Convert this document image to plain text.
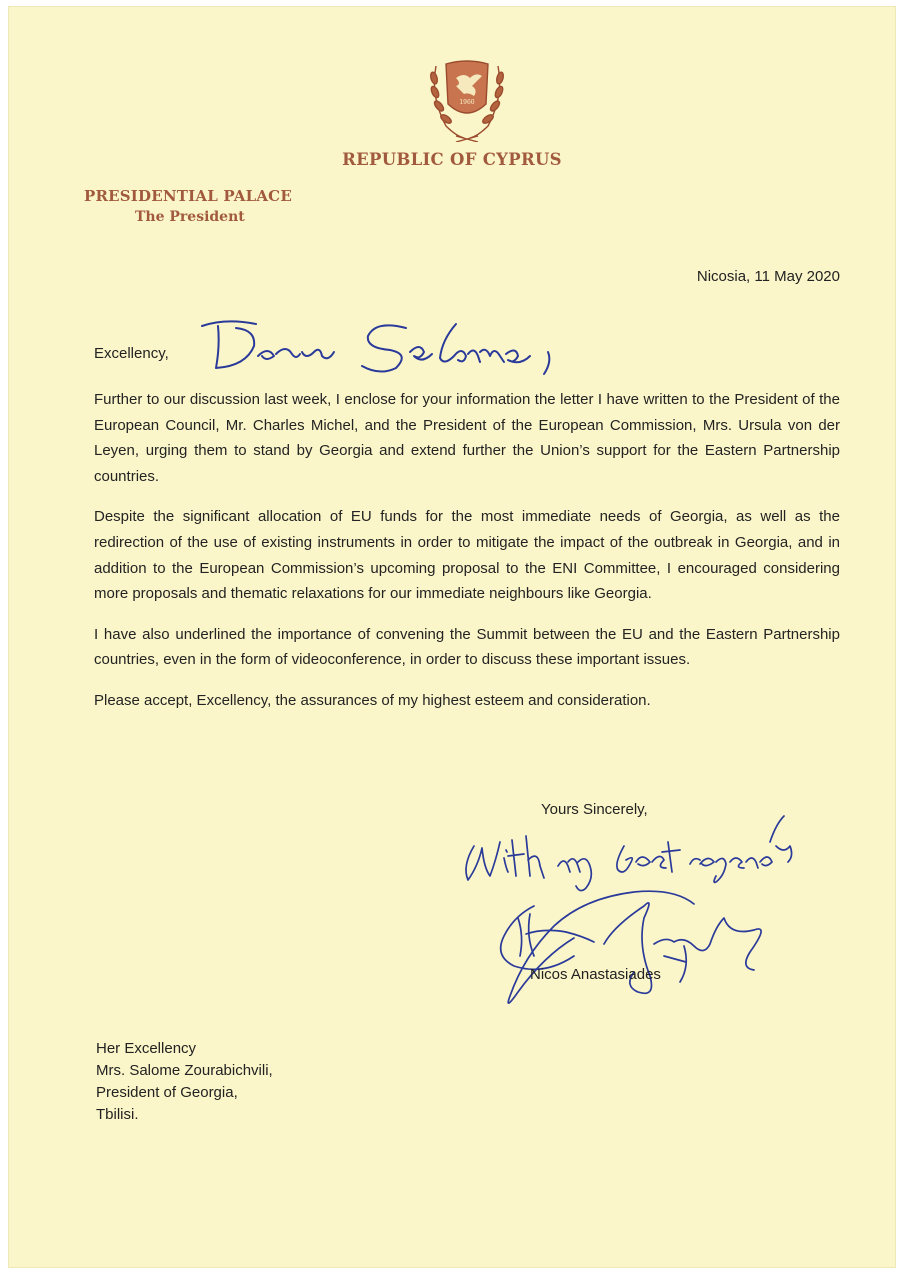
1960
REPUBLIC OF CYPRUS
PRESIDENTIAL PALACE
The President
Nicosia, 11 May 2020
Excellency,

Further to our discussion last week, I enclose for your information the letter I have written to the President of the European Council, Mr. Charles Michel, and the President of the European Commission, Mrs. Ursula von der Leyen, urging them to stand by Georgia and extend further the Union’s support for the Eastern Partnership countries.

Despite the significant allocation of EU funds for the most immediate needs of Georgia, as well as the redirection of the use of existing instruments in order to mitigate the impact of the outbreak in Georgia, and in addition to the European Commission’s upcoming proposal to the ENI Committee, I encouraged considering more proposals and thematic relaxations for our immediate neighbours like Georgia.

I have also underlined the importance of convening the Summit between the EU and the Eastern Partnership countries, even in the form of videoconference, in order to discuss these important issues.

Please accept, Excellency, the assurances of my highest esteem and consideration.

Yours Sincerely,
Nicos Anastasiades
Her Excellency
Mrs. Salome Zourabichvili,
President of Georgia,
Tbilisi.
